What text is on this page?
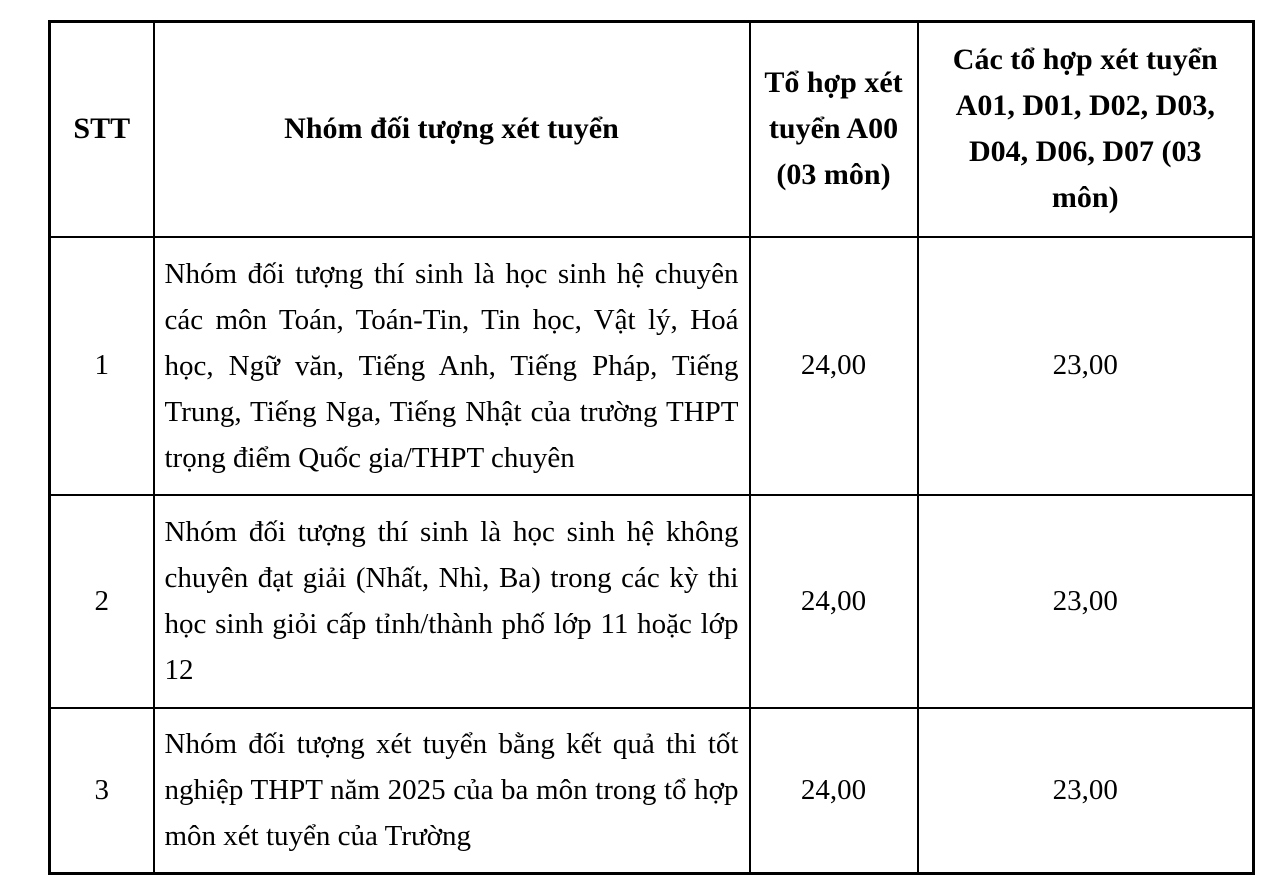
STT	Nhóm đối tượng xét tuyển	Tổ hợp xét tuyển A00 (03 môn)	Các tổ hợp xét tuyển A01, D01, D02, D03, D04, D06, D07 (03 môn)
1	Nhóm đối tượng thí sinh là học sinh hệ chuyên các môn Toán, Toán-Tin, Tin học, Vật lý, Hoá học, Ngữ văn, Tiếng Anh, Tiếng Pháp, Tiếng Trung, Tiếng Nga, Tiếng Nhật của trường THPT trọng điểm Quốc gia/THPT chuyên	24,00	23,00
2	Nhóm đối tượng thí sinh là học sinh hệ không chuyên đạt giải (Nhất, Nhì, Ba) trong các kỳ thi học sinh giỏi cấp tỉnh/thành phố lớp 11 hoặc lớp 12	24,00	23,00
3	Nhóm đối tượng xét tuyển bằng kết quả thi tốt nghiệp THPT năm 2025 của ba môn trong tổ hợp môn xét tuyển của Trường	24,00	23,00
